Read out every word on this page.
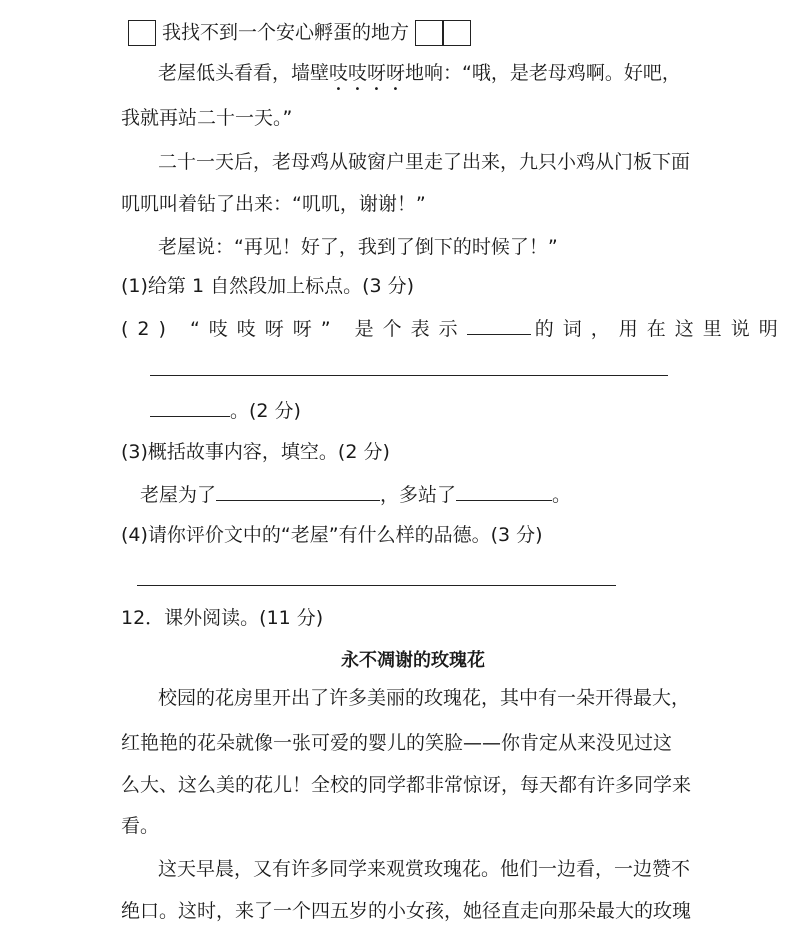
我找不到一个安心孵蛋的地方
老屋低头看看，墙壁吱吱呀呀地响：“哦，是老母鸡啊。好吧，
我就再站二十一天。”
二十一天后，老母鸡从破窗户里走了出来，九只小鸡从门板下面
叽叽叫着钻了出来：“叽叽，谢谢！”
老屋说：“再见！好了，我到了倒下的时候了！”
(1)给第 1 自然段加上标点。(3 分)
(2) “吱吱呀呀” 是个表示	的词，用在这里说明
。(2 分)
(3)概括故事内容，填空。(2 分)
老屋为了	，多站了	。
(4)请你评价文中的“老屋”有什么样的品德。(3 分)
12．课外阅读。(11 分)
永不凋谢的玫瑰花
校园的花房里开出了许多美丽的玫瑰花，其中有一朵开得最大，
红艳艳的花朵就像一张可爱的婴儿的笑脸——你肯定从来没见过这
么大、这么美的花儿！全校的同学都非常惊讶，每天都有许多同学来
看。
这天早晨，又有许多同学来观赏玫瑰花。他们一边看，一边赞不
绝口。这时，来了一个四五岁的小女孩，她径直走向那朵最大的玫瑰
